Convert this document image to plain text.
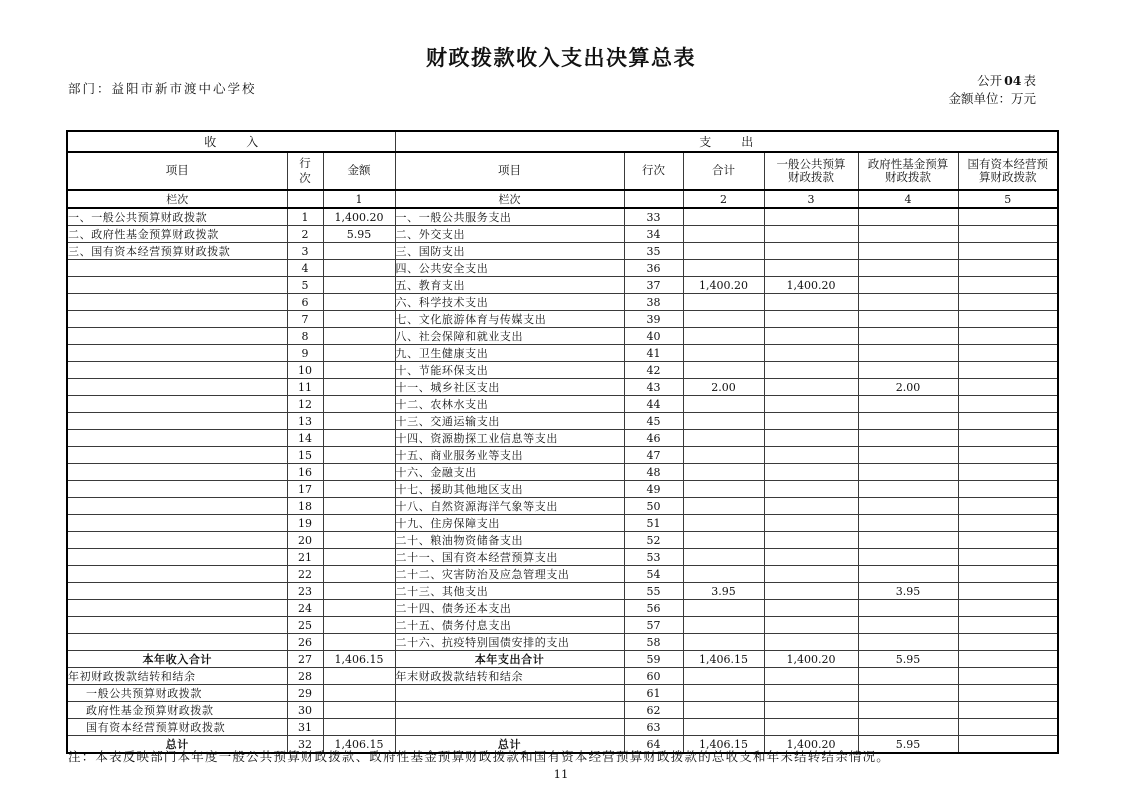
财政拨款收入支出决算总表
部门：益阳市新市渡中心学校
公开 04 表
金额单位：万元
收入			支出					
项目	行次	金额	项目	行次	合计	一般公共预算财政拨款	政府性基金预算财政拨款	国有资本经营预算财政拨款
栏次		1	栏次		2	3	4	5
一、一般公共预算财政拨款	1	1,400.20	一、一般公共服务支出	33				
二、政府性基金预算财政拨款	2	5.95	二、外交支出	34				
三、国有资本经营预算财政拨款	3		三、国防支出	35				
	4		四、公共安全支出	36				
	5		五、教育支出	37	1,400.20	1,400.20		
	6		六、科学技术支出	38				
	7		七、文化旅游体育与传媒支出	39				
	8		八、社会保障和就业支出	40				
	9		九、卫生健康支出	41				
	10		十、节能环保支出	42				
	11		十一、城乡社区支出	43	2.00		2.00	
	12		十二、农林水支出	44				
	13		十三、交通运输支出	45				
	14		十四、资源勘探工业信息等支出	46				
	15		十五、商业服务业等支出	47				
	16		十六、金融支出	48				
	17		十七、援助其他地区支出	49				
	18		十八、自然资源海洋气象等支出	50				
	19		十九、住房保障支出	51				
	20		二十、粮油物资储备支出	52				
	21		二十一、国有资本经营预算支出	53				
	22		二十二、灾害防治及应急管理支出	54				
	23		二十三、其他支出	55	3.95		3.95	
	24		二十四、债务还本支出	56				
	25		二十五、债务付息支出	57				
	26		二十六、抗疫特别国债安排的支出	58				
本年收入合计	27	1,406.15	本年支出合计	59	1,406.15	1,400.20	5.95	
年初财政拨款结转和结余	28		年末财政拨款结转和结余	60				
一般公共预算财政拨款	29			61				
政府性基金预算财政拨款	30			62				
国有资本经营预算财政拨款	31			63				
总计	32	1,406.15	总计	64	1,406.15	1,400.20	5.95	
注：本表反映部门本年度一般公共预算财政拨款、政府性基金预算财政拨款和国有资本经营预算财政拨款的总收支和年末结转结余情况。
11
